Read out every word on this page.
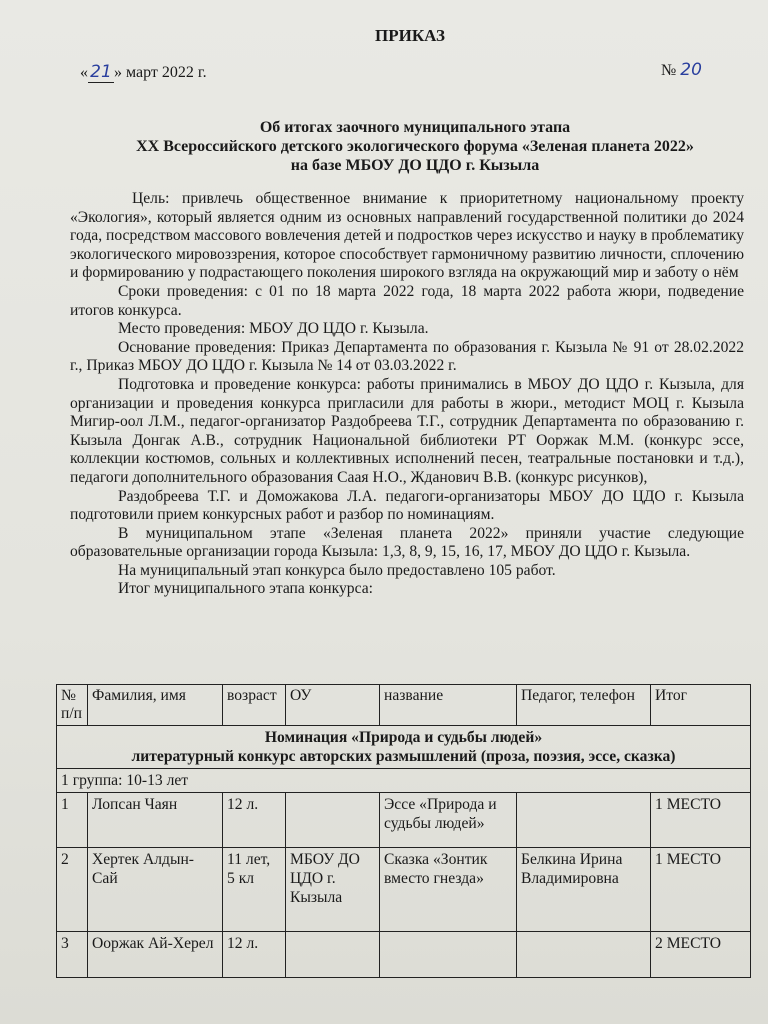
ПРИКАЗ
« 21 » март 2022 г.	№ 20
Об итогах заочного муниципального этапа
XX Всероссийского детского экологического форума «Зеленая планета 2022»
на базе МБОУ ДО ЦДО г. Кызыла

Цель: привлечь общественное внимание к приоритетному национальному проекту «Экология», который является одним из основных направлений государственной политики до 2024 года, посредством массового вовлечения детей и подростков через искусство и науку в проблематику экологического мировоззрения, которое способствует гармоничному развитию личности, сплочению и формированию у подрастающего поколения широкого взгляда на окружающий мир и заботу о нём

Сроки проведения: с 01 по 18 марта 2022 года, 18 марта 2022 работа жюри, подведение итогов конкурса.

Место проведения: МБОУ ДО ЦДО г. Кызыла.

Основание проведения: Приказ Департамента по образования г. Кызыла № 91 от 28.02.2022 г., Приказ МБОУ ДО ЦДО г. Кызыла № 14 от 03.03.2022 г.

Подготовка и проведение конкурса: работы принимались в МБОУ ДО ЦДО г. Кызыла, для организации и проведения конкурса пригласили для работы в жюри., методист МОЦ г. Кызыла Мигир-оол Л.М., педагог-организатор Раздобреева Т.Г., сотрудник Департамента по образованию г. Кызыла Донгак А.В., сотрудник Национальной библиотеки РТ Ооржак М.М. (конкурс эссе, коллекции костюмов, сольных и коллективных исполнений песен, театральные постановки и т.д.), педагоги дополнительного образования Саая Н.О., Жданович В.В. (конкурс рисунков),

Раздобреева Т.Г. и Доможакова Л.А. педагоги-организаторы МБОУ ДО ЦДО г. Кызыла подготовили прием конкурсных работ и разбор по номинациям.

В муниципальном этапе «Зеленая планета 2022» приняли участие следующие образовательные организации города Кызыла: 1,3, 8, 9, 15, 16, 17, МБОУ ДО ЦДО г. Кызыла.

На муниципальный этап конкурса было предоставлено 105 работ.

Итог муниципального этапа конкурса:

№ п/п	Фамилия, имя	возраст	ОУ	название	Педагог, телефон	Итог

Номинация «Природа и судьбы людей»
литературный конкурс авторских размышлений (проза, поэзия, эссе, сказка)						

1 группа: 10-13 лет						
1	Лопсан Чаян	12 л.		Эссе «Природа и судьбы людей»		1 МЕСТО
2	Хертек Алдын-Сай	11 лет, 5 кл	МБОУ ДО ЦДО г. Кызыла	Сказка «Зонтик вместо гнезда»	Белкина Ирина Владимировна	1 МЕСТО
3	Ооржак Ай-Херел	12 л.				2 МЕСТО
